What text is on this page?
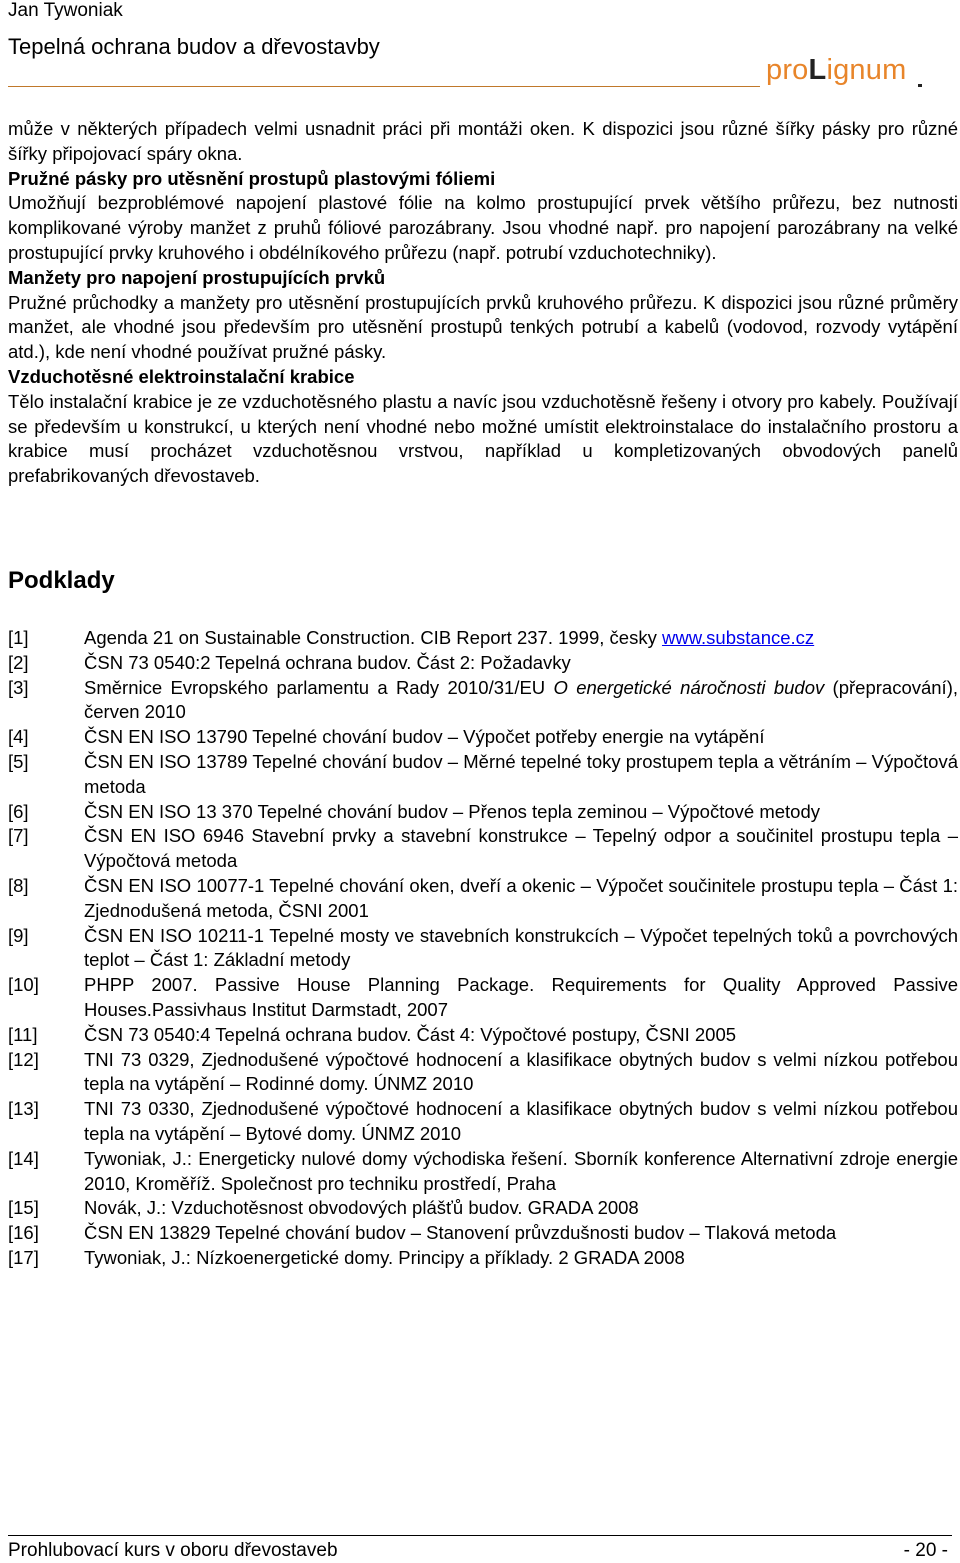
Jan Tywoniak
Tepelná ochrana budov a dřevostavby
proLignum

může v některých případech velmi usnadnit práci při montáži oken. K dispozici jsou různé šířky pásky pro různé šířky připojovací spáry okna.

Pružné pásky pro utěsnění prostupů plastovými fóliemi

Umožňují bezproblémové napojení plastové fólie na kolmo prostupující prvek většího průřezu, bez nutnosti komplikované výroby manžet z pruhů fóliové parozábrany. Jsou vhodné např. pro napojení parozábrany na velké prostupující prvky kruhového i obdélníkového průřezu (např. potrubí vzduchotechniky).

Manžety pro napojení prostupujících prvků

Pružné průchodky a manžety pro utěsnění prostupujících prvků kruhového průřezu. K dispozici jsou různé průměry manžet, ale vhodné jsou především pro utěsnění prostupů tenkých potrubí a kabelů (vodovod, rozvody vytápění atd.), kde není vhodné používat pružné pásky.

Vzduchotěsné elektroinstalační krabice

Tělo instalační krabice je ze vzduchotěsného plastu a navíc jsou vzduchotěsně řešeny i otvory pro kabely. Používají se především u konstrukcí, u kterých není vhodné nebo možné umístit elektroinstalace do instalačního prostoru a krabice musí procházet vzduchotěsnou vrstvou, například u kompletizovaných obvodových panelů prefabrikovaných dřevostaveb.

Podklady
[1]	Agenda 21 on Sustainable Construction. CIB Report 237. 1999, česky www.substance.cz
[2]	ČSN 73 0540:2 Tepelná ochrana budov. Část 2: Požadavky
[3]	Směrnice Evropského parlamentu a Rady 2010/31/EU O energetické náročnosti budov (přepracování), červen 2010
[4]	ČSN EN ISO 13790 Tepelné chování budov – Výpočet potřeby energie na vytápění
[5]	ČSN EN ISO 13789 Tepelné chování budov – Měrné tepelné toky prostupem tepla a větráním – Výpočtová metoda
[6]	ČSN EN ISO 13 370 Tepelné chování budov – Přenos tepla zeminou – Výpočtové metody
[7]	ČSN EN ISO 6946 Stavební prvky a stavební konstrukce – Tepelný odpor a součinitel prostupu tepla – Výpočtová metoda
[8]	ČSN EN ISO 10077-1 Tepelné chování oken, dveří a okenic – Výpočet součinitele prostupu tepla – Část 1: Zjednodušená metoda, ČSNI 2001
[9]	ČSN EN ISO 10211-1 Tepelné mosty ve stavebních konstrukcích – Výpočet tepelných toků a povrchových teplot – Část 1: Základní metody
[10]	PHPP 2007. Passive House Planning Package. Requirements for Quality Approved Passive Houses.Passivhaus Institut Darmstadt, 2007
[11]	ČSN 73 0540:4 Tepelná ochrana budov. Část 4: Výpočtové postupy, ČSNI 2005
[12]	TNI 73 0329, Zjednodušené výpočtové hodnocení a klasifikace obytných budov s velmi nízkou potřebou tepla na vytápění – Rodinné domy. ÚNMZ 2010
[13]	TNI 73 0330, Zjednodušené výpočtové hodnocení a klasifikace obytných budov s velmi nízkou potřebou tepla na vytápění – Bytové domy. ÚNMZ 2010
[14]	Tywoniak, J.: Energeticky nulové domy východiska řešení. Sborník konference Alternativní zdroje energie 2010, Kroměříž. Společnost pro techniku prostředí, Praha
[15]	Novák, J.: Vzduchotěsnost obvodových plášťů budov. GRADA 2008
[16]	ČSN EN 13829 Tepelné chování budov – Stanovení průvzdušnosti budov – Tlaková metoda
[17]	Tywoniak, J.: Nízkoenergetické domy. Principy a příklady. 2 GRADA 2008
Prohlubovací kurs v oboru dřevostaveb	- 20 -
